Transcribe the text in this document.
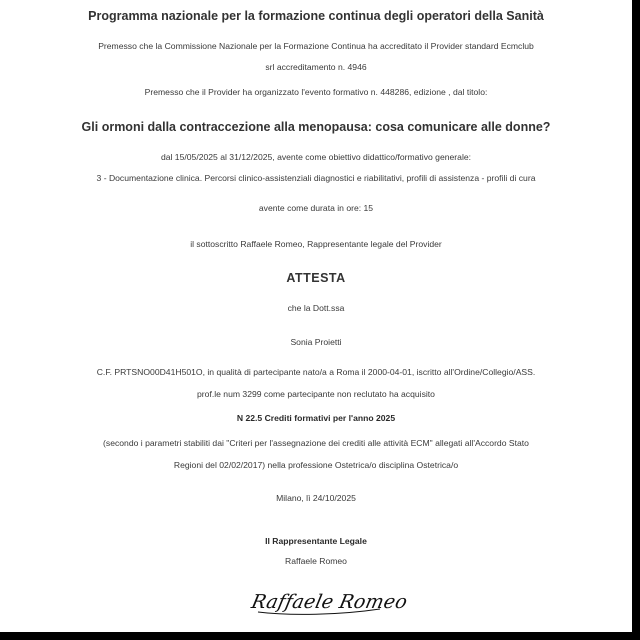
Programma nazionale per la formazione continua degli operatori della Sanità
Premesso che la Commissione Nazionale per la Formazione Continua ha accreditato il Provider standard Ecmclub
srl accreditamento n. 4946
Premesso che il Provider ha organizzato l'evento formativo n. 448286, edizione , dal titolo:
Gli ormoni dalla contraccezione alla menopausa: cosa comunicare alle donne?
dal 15/05/2025 al 31/12/2025, avente come obiettivo didattico/formativo generale:
3 - Documentazione clinica. Percorsi clinico-assistenziali diagnostici e riabilitativi, profili di assistenza - profili di cura
avente come durata in ore: 15
il sottoscritto Raffaele Romeo, Rappresentante legale del Provider
ATTESTA
che la Dott.ssa
Sonia Proietti
C.F. PRTSNO00D41H501O, in qualità di partecipante nato/a a Roma il 2000-04-01, iscritto all'Ordine/Collegio/ASS.
prof.le num 3299 come partecipante non reclutato ha acquisito
N 22.5 Crediti formativi per l'anno 2025
(secondo i parametri stabiliti dai "Criteri per l'assegnazione dei crediti alle attività ECM" allegati all'Accordo Stato
Regioni del 02/02/2017) nella professione Ostetrica/o disciplina Ostetrica/o
Milano, lì 24/10/2025
Il Rappresentante Legale
Raffaele Romeo
Raffaele Romeo
